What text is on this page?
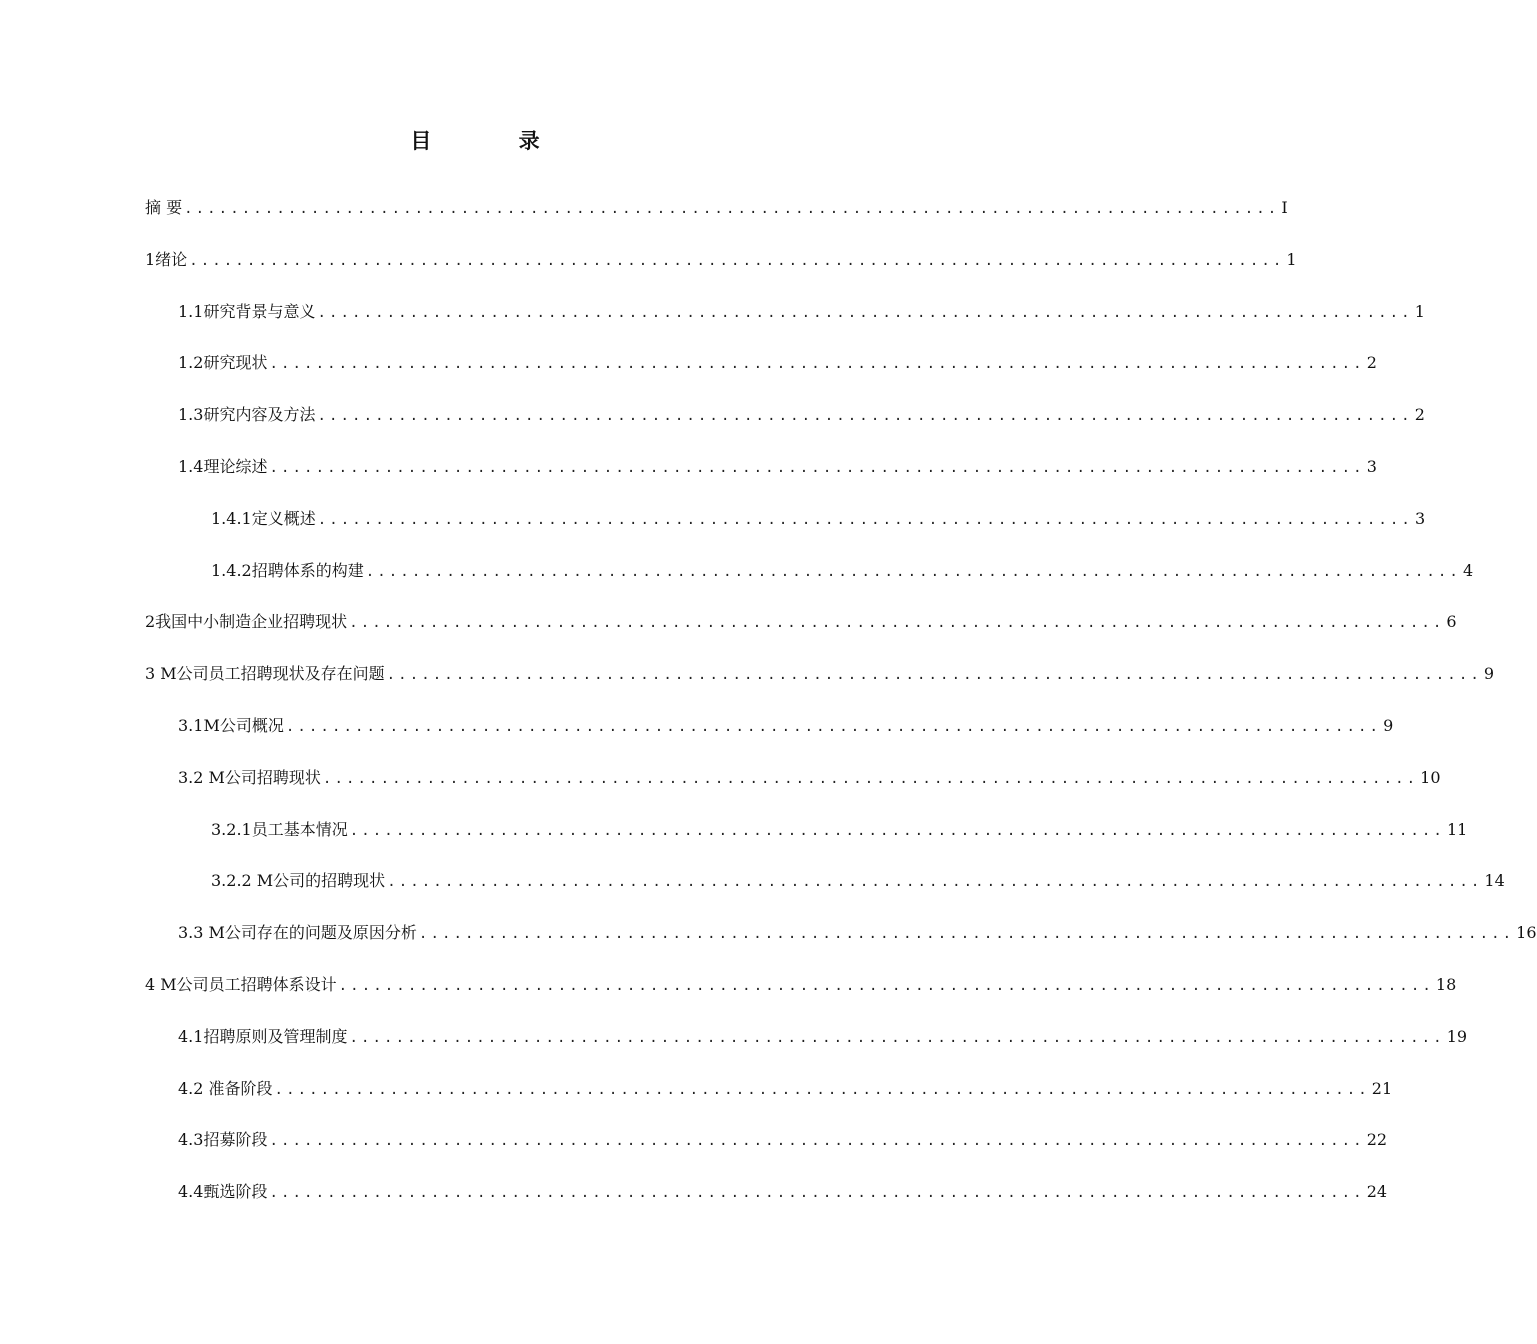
目 录
摘 要 ............................................................................................... I
1绪论 ............................................................................................... 1
1.1研究背景与意义 ............................................................................................... 1
1.2研究现状 ............................................................................................... 2
1.3研究内容及方法 ............................................................................................... 2
1.4理论综述 ............................................................................................... 3
1.4.1定义概述 ............................................................................................... 3
1.4.2招聘体系的构建 ............................................................................................... 4
2我国中小制造企业招聘现状 ............................................................................................... 6
3 M公司员工招聘现状及存在问题 ............................................................................................... 9
3.1M公司概况 ............................................................................................... 9
3.2 M公司招聘现状 ............................................................................................... 10
3.2.1员工基本情况 ............................................................................................... 11
3.2.2 M公司的招聘现状 ............................................................................................... 14
3.3 M公司存在的问题及原因分析 ............................................................................................... 16
4 M公司员工招聘体系设计 ............................................................................................... 18
4.1招聘原则及管理制度 ............................................................................................... 19
4.2 准备阶段 ............................................................................................... 21
4.3招募阶段 ............................................................................................... 22
4.4甄选阶段 ............................................................................................... 24
